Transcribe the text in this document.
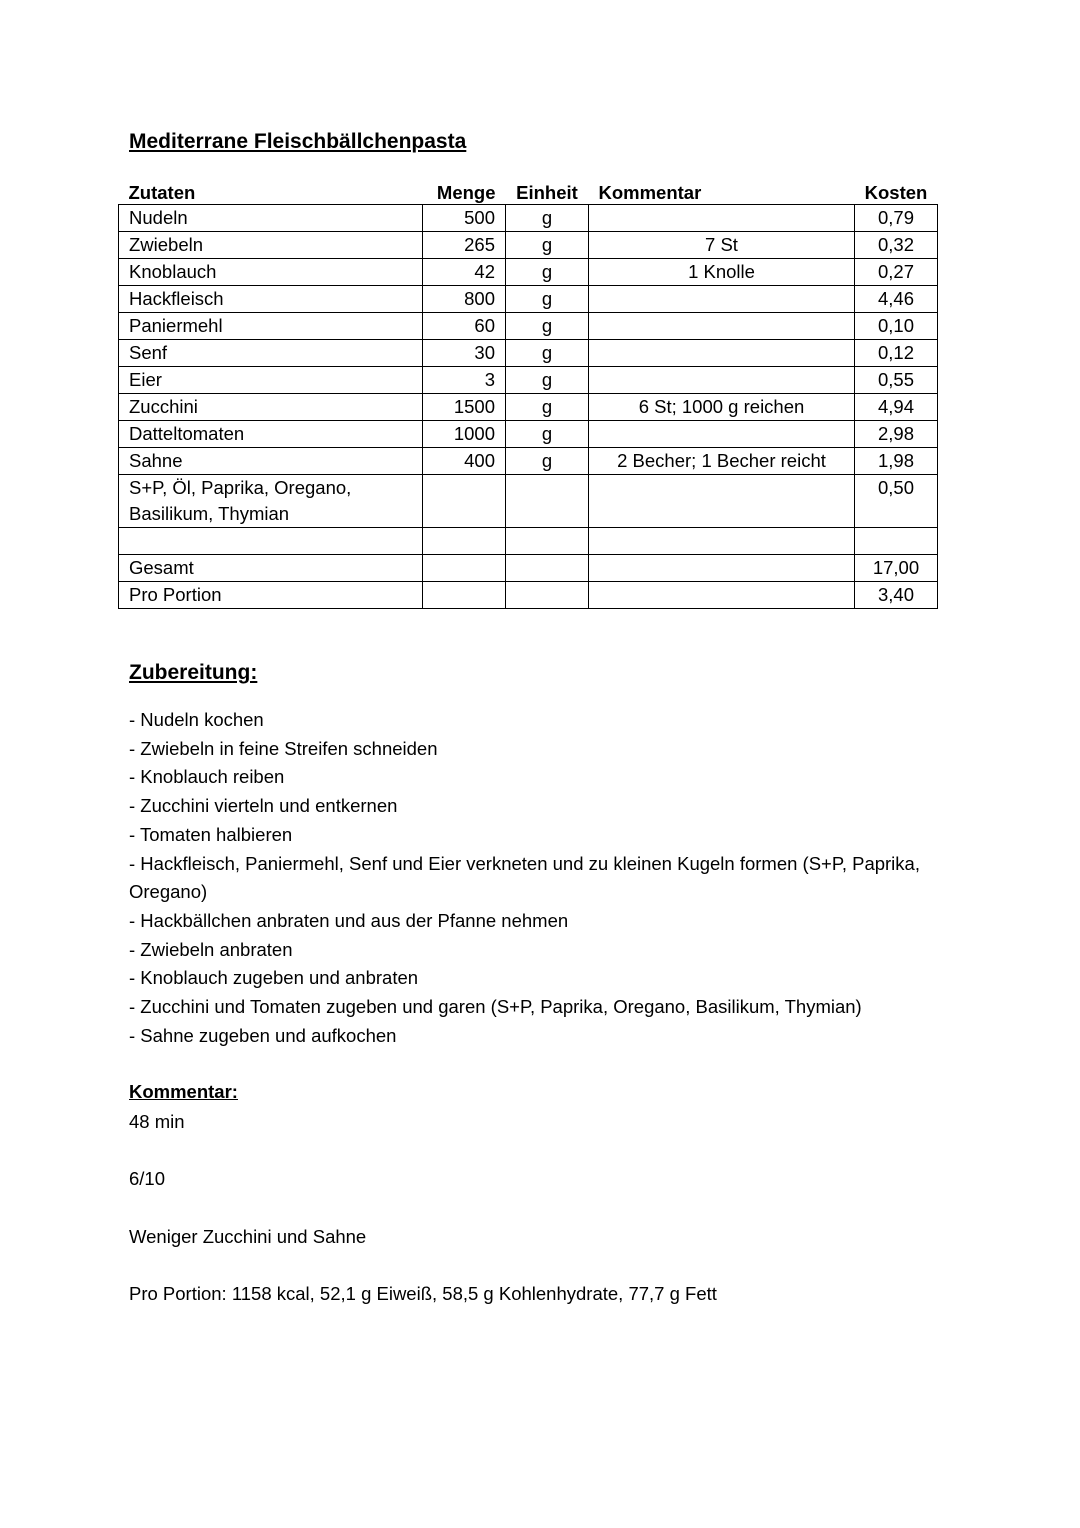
Mediterrane Fleischbällchenpasta
Zutaten	Menge	Einheit	Kommentar	Kosten
Nudeln	500	g		0,79
Zwiebeln	265	g	7 St	0,32
Knoblauch	42	g	1 Knolle	0,27
Hackfleisch	800	g		4,46
Paniermehl	60	g		0,10
Senf	30	g		0,12
Eier	3	g		0,55
Zucchini	1500	g	6 St; 1000 g reichen	4,94
Datteltomaten	1000	g		2,98
Sahne	400	g	2 Becher; 1 Becher reicht	1,98
S+P, Öl, Paprika, Oregano, Basilikum, Thymian				0,50

Gesamt				17,00
Pro Portion				3,40
Zubereitung:
- Nudeln kochen
- Zwiebeln in feine Streifen schneiden
- Knoblauch reiben
- Zucchini vierteln und entkernen
- Tomaten halbieren
- Hackfleisch, Paniermehl, Senf und Eier verkneten und zu kleinen Kugeln formen (S+P, Paprika, Oregano)
- Hackbällchen anbraten und aus der Pfanne nehmen
- Zwiebeln anbraten
- Knoblauch zugeben und anbraten
- Zucchini und Tomaten zugeben und garen (S+P, Paprika, Oregano, Basilikum, Thymian)
- Sahne zugeben und aufkochen
Kommentar:

48 min

6/10

Weniger Zucchini und Sahne

Pro Portion: 1158 kcal, 52,1 g Eiweiß, 58,5 g Kohlenhydrate, 77,7 g Fett
